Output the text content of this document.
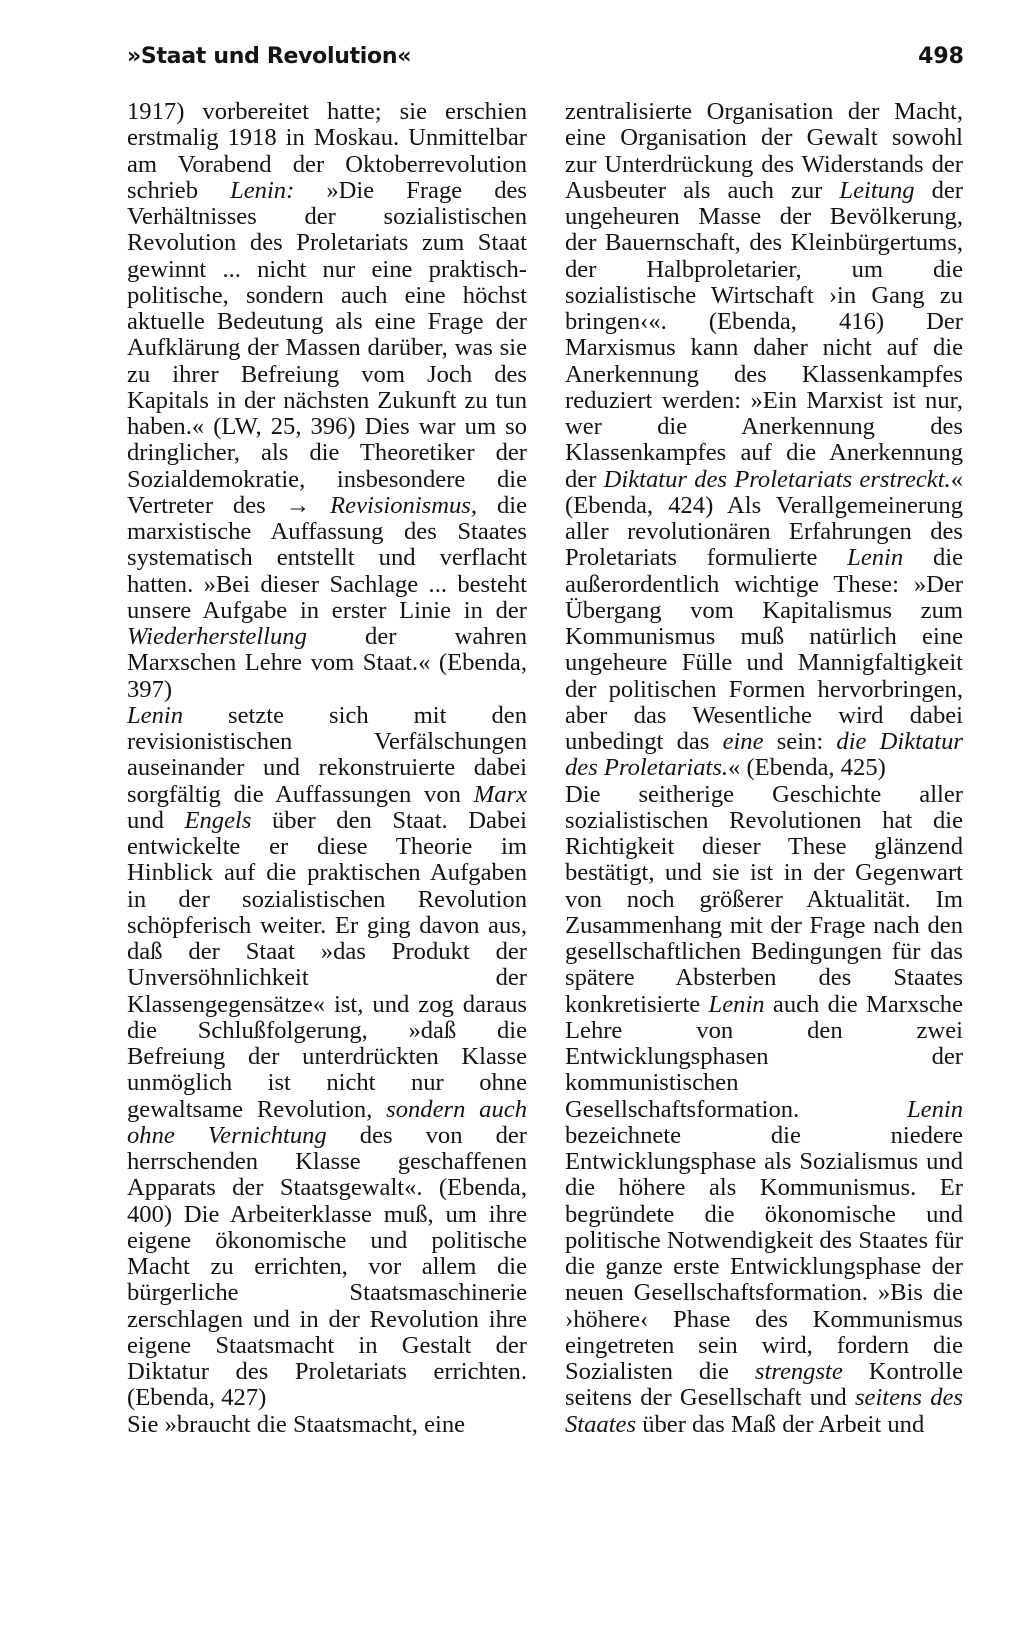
»Staat und Revolution«	498

1917) vorbereitet hatte; sie erschien erstmalig 1918 in Moskau. Unmittelbar am Vorabend der Oktoberrevolution schrieb Lenin: »Die Frage des Verhältnisses der sozialistischen Revolution des Proletariats zum Staat gewinnt ... nicht nur eine praktisch-politische, sondern auch eine höchst aktuelle Bedeutung als eine Frage der Aufklärung der Massen darüber, was sie zu ihrer Befreiung vom Joch des Kapitals in der nächsten Zukunft zu tun haben.« (LW, 25, 396) Dies war um so dringlicher, als die Theoretiker der Sozialdemokratie, insbesondere die Vertreter des → Revisionismus, die marxistische Auffassung des Staates systematisch entstellt und verflacht hatten. »Bei dieser Sachlage ... besteht unsere Aufgabe in erster Linie in der Wiederherstellung der wahren Marxschen Lehre vom Staat.« (Ebenda, 397)

Lenin setzte sich mit den revisionistischen Verfälschungen auseinander und rekonstruierte dabei sorgfältig die Auffassungen von Marx und Engels über den Staat. Dabei entwickelte er diese Theorie im Hinblick auf die praktischen Aufgaben in der sozialistischen Revolution schöpferisch weiter. Er ging davon aus, daß der Staat »das Produkt der Unversöhnlichkeit der Klassengegensätze« ist, und zog daraus die Schlußfolgerung, »daß die Befreiung der unterdrückten Klasse unmöglich ist nicht nur ohne gewaltsame Revolution, sondern auch ohne Vernichtung des von der herrschenden Klasse geschaffenen Apparats der Staatsgewalt«. (Ebenda, 400) Die Arbeiterklasse muß, um ihre eigene ökonomische und politische Macht zu errichten, vor allem die bürgerliche Staatsmaschinerie zerschlagen und in der Revolution ihre eigene Staatsmacht in Gestalt der Diktatur des Proletariats errichten. (Ebenda, 427)

Sie »braucht die Staatsmacht, eine

zentralisierte Organisation der Macht, eine Organisation der Gewalt sowohl zur Unterdrückung des Widerstands der Ausbeuter als auch zur Leitung der ungeheuren Masse der Bevölkerung, der Bauernschaft, des Kleinbürgertums, der Halbproletarier, um die sozialistische Wirtschaft ›in Gang zu bringen‹«. (Ebenda, 416) Der Marxismus kann daher nicht auf die Anerkennung des Klassenkampfes reduziert werden: »Ein Marxist ist nur, wer die Anerkennung des Klassenkampfes auf die Anerkennung der Diktatur des Proletariats erstreckt.« (Ebenda, 424) Als Verallgemeinerung aller revolutionären Erfahrungen des Proletariats formulierte Lenin die außerordentlich wichtige These: »Der Übergang vom Kapitalismus zum Kommunismus muß natürlich eine ungeheure Fülle und Mannigfaltigkeit der politischen Formen hervorbringen, aber das Wesentliche wird dabei unbedingt das eine sein: die Diktatur des Proletariats.« (Ebenda, 425)

Die seitherige Geschichte aller sozialistischen Revolutionen hat die Richtigkeit dieser These glänzend bestätigt, und sie ist in der Gegenwart von noch größerer Aktualität. Im Zusammenhang mit der Frage nach den gesellschaftlichen Bedingungen für das spätere Absterben des Staates konkretisierte Lenin auch die Marxsche Lehre von den zwei Entwicklungsphasen der kommunistischen Gesellschaftsformation. Lenin bezeichnete die niedere Entwicklungsphase als Sozialismus und die höhere als Kommunismus. Er begründete die ökonomische und politische Notwendigkeit des Staates für die ganze erste Entwicklungsphase der neuen Gesellschaftsformation. »Bis die ›höhere‹ Phase des Kommunismus eingetreten sein wird, fordern die Sozialisten die strengste Kontrolle seitens der Gesellschaft und seitens des Staates über das Maß der Arbeit und
